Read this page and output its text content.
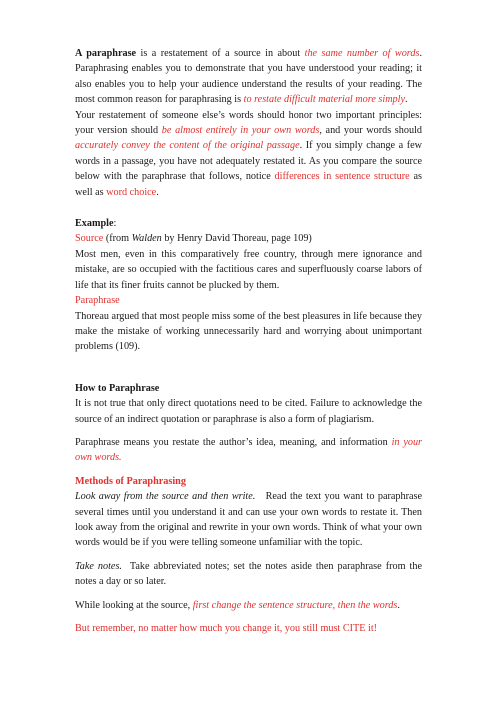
A paraphrase is a restatement of a source in about the same number of words. Paraphrasing enables you to demonstrate that you have understood your reading; it also enables you to help your audience understand the results of your reading. The most common reason for paraphrasing is to restate difficult material more simply.

Your restatement of someone else’s words should honor two important principles: your version should be almost entirely in your own words, and your words should accurately convey the content of the original passage. If you simply change a few words in a passage, you have not adequately restated it. As you compare the source below with the paraphrase that follows, notice differences in sentence structure as well as word choice.

Example:

Source (from Walden by Henry David Thoreau, page 109)

Most men, even in this comparatively free country, through mere ignorance and mistake, are so occupied with the factitious cares and superfluously coarse labors of life that its finer fruits cannot be plucked by them.

Paraphrase

Thoreau argued that most people miss some of the best pleasures in life because they make the mistake of working unnecessarily hard and worrying about unimportant problems (109).

How to Paraphrase

It is not true that only direct quotations need to be cited. Failure to acknowledge the source of an indirect quotation or paraphrase is also a form of plagiarism.

Paraphrase means you restate the author’s idea, meaning, and information in your own words.

Methods of Paraphrasing

Look away from the source and then write.   Read the text you want to paraphrase several times until you understand it and can use your own words to restate it. Then look away from the original and rewrite in your own words. Think of what your own words would be if you were telling someone unfamiliar with the topic.

Take notes.  Take abbreviated notes; set the notes aside then paraphrase from the notes a day or so later.

While looking at the source, first change the sentence structure, then the words.

But remember, no matter how much you change it, you still must CITE it!
